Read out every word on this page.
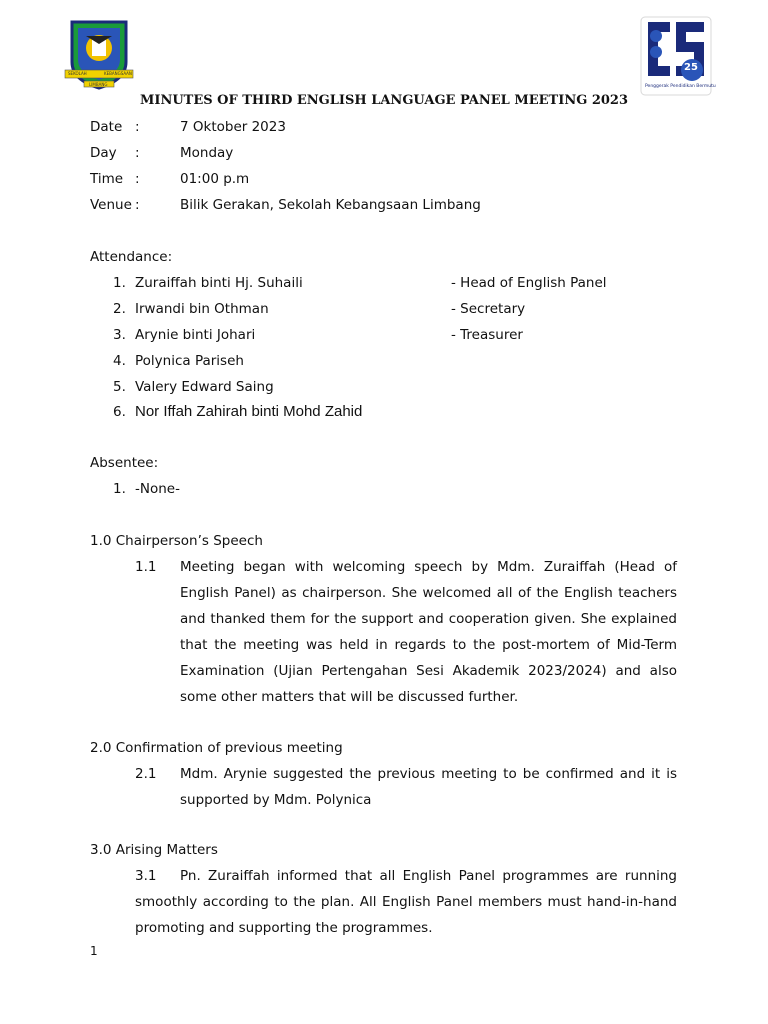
SEKOLAH	KEBANGSAAN
LIMBANG
25
Penggerak Pendidikan Bermutu
MINUTES OF THIRD ENGLISH LANGUAGE PANEL MEETING 2023
Date :	7 Oktober 2023
Day :	Monday
Time :	01:00 p.m
Venue :	Bilik Gerakan, Sekolah Kebangsaan Limbang
Attendance:
1. Zuraiffah binti Hj. Suhaili	- Head of English Panel
2. Irwandi bin Othman	- Secretary
3. Arynie binti Johari	- Treasurer
4. Polynica Pariseh
5. Valery Edward Saing
6. Nor Iffah Zahirah binti Mohd Zahid
Absentee:
1. -None-
1.0 Chairperson’s Speech
1.1 Meeting began with welcoming speech by Mdm. Zuraiffah (Head of English Panel) as chairperson. She welcomed all of the English teachers and thanked them for the support and cooperation given. She explained that the meeting was held in regards to the post-mortem of Mid-Term Examination (Ujian Pertengahan Sesi Akademik 2023/2024) and also some other matters that will be discussed further.
2.0 Confirmation of previous meeting
2.1 Mdm. Arynie suggested the previous meeting to be confirmed and it is supported by Mdm. Polynica
3.0 Arising Matters
3.1	Pn. Zuraiffah informed that all English Panel programmes are running smoothly according to the plan. All English Panel members must hand-in-hand promoting and supporting the programmes.
1
